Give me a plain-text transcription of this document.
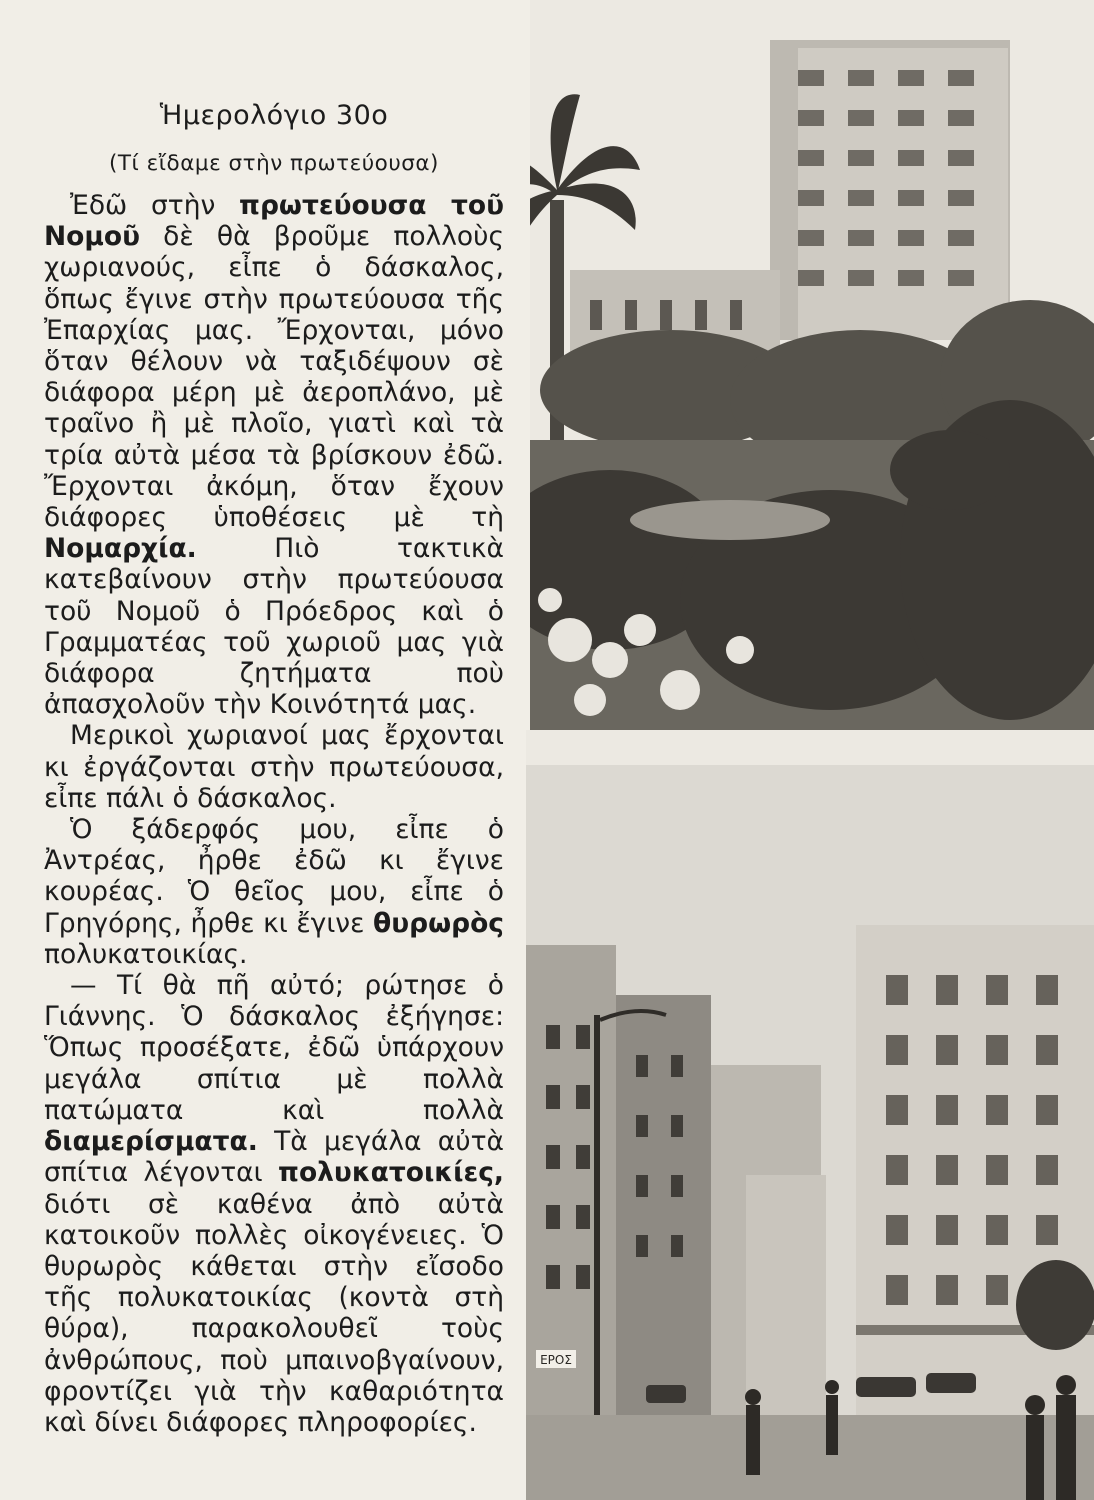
Ἡμερολόγιο 30ο
(Τί εἴδαμε στὴν πρωτεύουσα)

Ἐδῶ στὴν πρωτεύουσα τοῦ Νομοῦ δὲ θὰ βροῦμε πολλοὺς χωριανούς, εἶπε ὁ δάσκαλος, ὅπως ἔγινε στὴν πρωτεύουσα τῆς Ἐπαρχίας μας. Ἔρχονται, μόνο ὅταν θέλουν νὰ ταξιδέψουν σὲ διάφορα μέρη μὲ ἀεροπλάνο, μὲ τραῖνο ἢ μὲ πλοῖο, γιατὶ καὶ τὰ τρία αὐτὰ μέσα τὰ βρίσκουν ἐδῶ. Ἔρχονται ἀκόμη, ὅταν ἔχουν διάφορες ὑποθέσεις μὲ τὴ Νομαρχία. Πιὸ τακτικὰ κατεβαίνουν στὴν πρωτεύουσα τοῦ Νομοῦ ὁ Πρόεδρος καὶ ὁ Γραμματέας τοῦ χωριοῦ μας γιὰ διάφορα ζητήματα ποὺ ἀπασχολοῦν τὴν Κοινότητά μας.

Μερικοὶ χωριανοί μας ἔρχονται κι ἐργάζονται στὴν πρωτεύουσα, εἶπε πάλι ὁ δάσκαλος.

Ὁ ξάδερφός μου, εἶπε ὁ Ἀντρέας, ἦρθε ἐδῶ κι ἔγινε κουρέας. Ὁ θεῖος μου, εἶπε ὁ Γρηγόρης, ἦρθε κι ἔγινε θυρωρὸς πολυκατοικίας.

— Τί θὰ πῆ αὐτό; ρώτησε ὁ Γιάννης. Ὁ δάσκαλος ἐξήγησε: Ὅπως προσέξατε, ἐδῶ ὑπάρχουν μεγάλα σπίτια μὲ πολλὰ πατώματα καὶ πολλὰ διαμερίσματα. Τὰ μεγάλα αὐτὰ σπίτια λέγονται πολυκατοικίες, διότι σὲ καθένα ἀπὸ αὐτὰ κατοικοῦν πολλὲς οἰκογένειες. Ὁ θυρωρὸς κάθεται στὴν εἴσοδο τῆς πολυκατοικίας (κοντὰ στὴ θύρα), παρακολουθεῖ τοὺς ἀνθρώπους, ποὺ μπαινοβγαίνουν, φροντίζει γιὰ τὴν καθαριότητα καὶ δίνει διάφορες πληροφορίες.

ΕΡΟΣ
